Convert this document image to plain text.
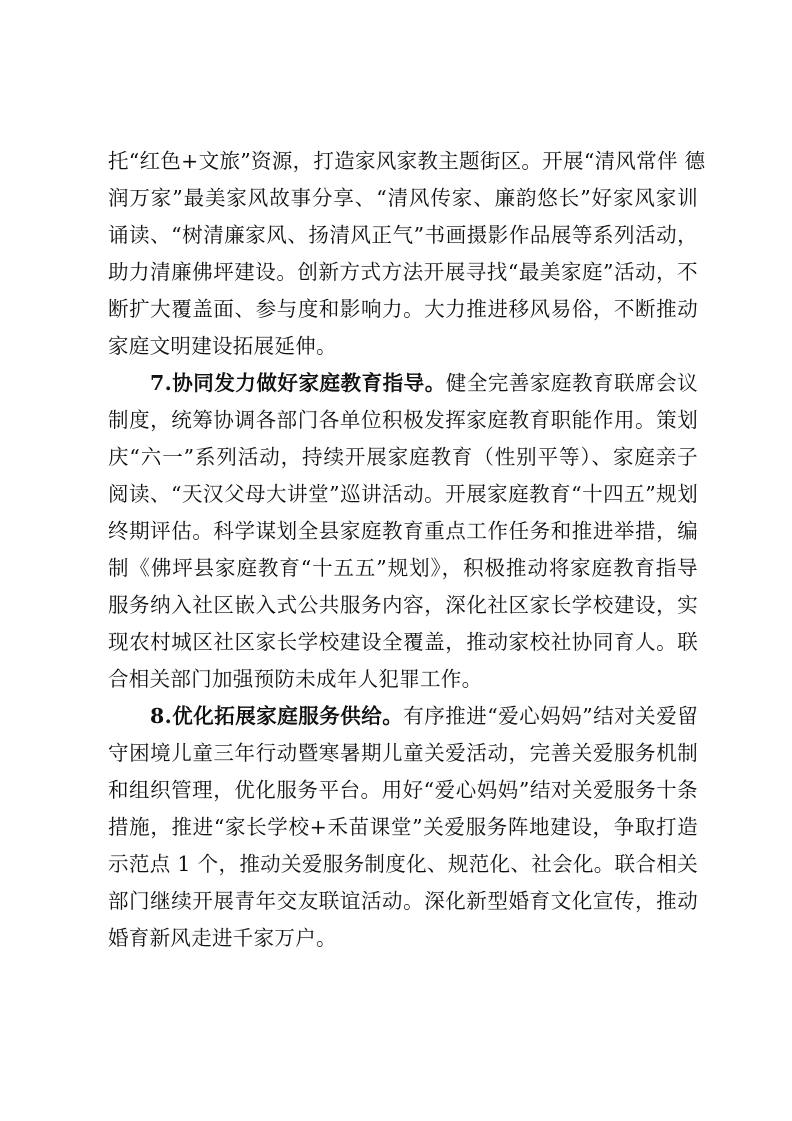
托“红色+文旅”资源，打造家风家教主题街区。开展“清风常伴 德
润万家”最美家风故事分享、“清风传家、廉韵悠长”好家风家训
诵读、“树清廉家风、扬清风正气”书画摄影作品展等系列活动，
助力清廉佛坪建设。创新方式方法开展寻找“最美家庭”活动，不
断扩大覆盖面、参与度和影响力。大力推进移风易俗，不断推动
家庭文明建设拓展延伸。
7.协同发力做好家庭教育指导。健全完善家庭教育联席会议
制度，统筹协调各部门各单位积极发挥家庭教育职能作用。策划
庆“六一”系列活动，持续开展家庭教育（性别平等）、家庭亲子
阅读、“天汉父母大讲堂”巡讲活动。开展家庭教育“十四五”规划
终期评估。科学谋划全县家庭教育重点工作任务和推进举措，编
制《佛坪县家庭教育“十五五”规划》，积极推动将家庭教育指导
服务纳入社区嵌入式公共服务内容，深化社区家长学校建设，实
现农村城区社区家长学校建设全覆盖，推动家校社协同育人。联
合相关部门加强预防未成年人犯罪工作。
8.优化拓展家庭服务供给。有序推进“爱心妈妈”结对关爱留
守困境儿童三年行动暨寒暑期儿童关爱活动，完善关爱服务机制
和组织管理，优化服务平台。用好“爱心妈妈”结对关爱服务十条
措施，推进“家长学校+禾苗课堂”关爱服务阵地建设，争取打造
示范点 1 个，推动关爱服务制度化、规范化、社会化。联合相关
部门继续开展青年交友联谊活动。深化新型婚育文化宣传，推动
婚育新风走进千家万户。
